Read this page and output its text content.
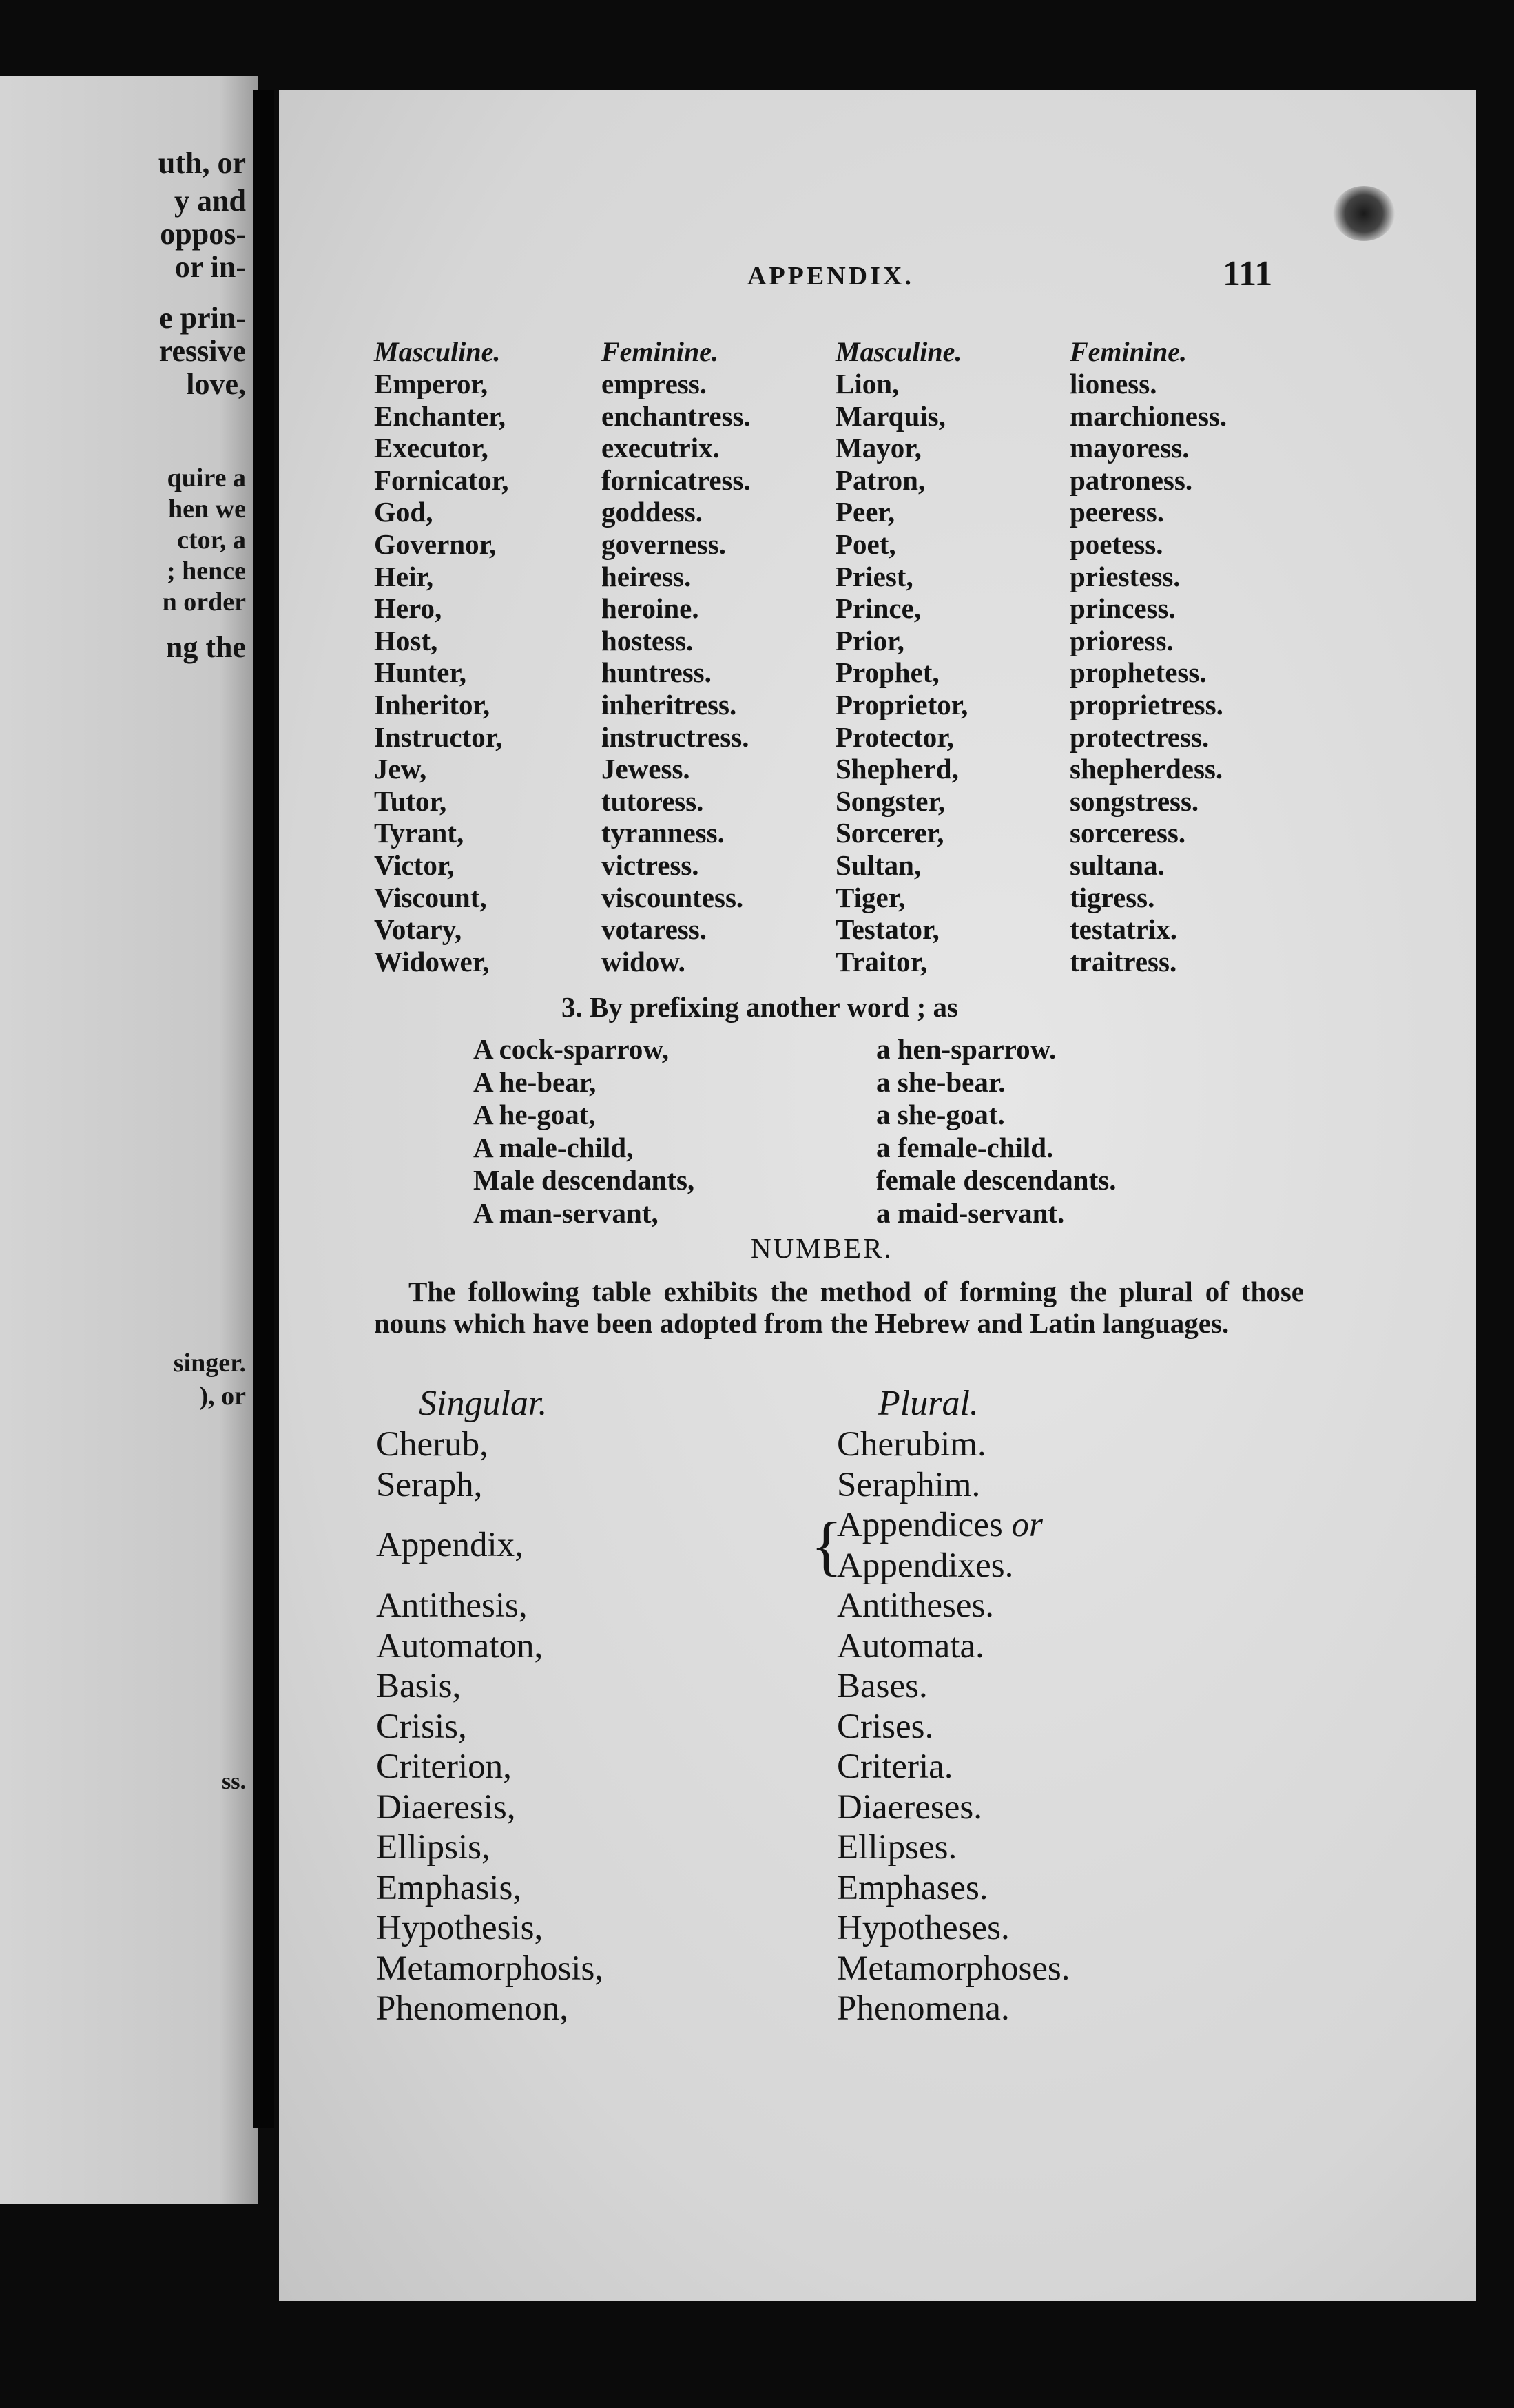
uth, or
y and
oppos-
or in-
e prin-
ressive
love,
quire a
hen we
ctor, a
; hence
n order
ng the
singer.
), or
ss.
APPENDIX.	111
Masculine.
Emperor,
Enchanter,
Executor,
Fornicator,
God,
Governor,
Heir,
Hero,
Host,
Hunter,
Inheritor,
Instructor,
Jew,
Tutor,
Tyrant,
Victor,
Viscount,
Votary,
Widower,
Feminine.
empress.
enchantress.
executrix.
fornicatress.
goddess.
governess.
heiress.
heroine.
hostess.
huntress.
inheritress.
instructress.
Jewess.
tutoress.
tyranness.
victress.
viscountess.
votaress.
widow.
Masculine.
Lion,
Marquis,
Mayor,
Patron,
Peer,
Poet,
Priest,
Prince,
Prior,
Prophet,
Proprietor,
Protector,
Shepherd,
Songster,
Sorcerer,
Sultan,
Tiger,
Testator,
Traitor,
Feminine.
lioness.
marchioness.
mayoress.
patroness.
peeress.
poetess.
priestess.
princess.
prioress.
prophetess.
proprietress.
protectress.
shepherdess.
songstress.
sorceress.
sultana.
tigress.
testatrix.
traitress.
3. By prefixing another word ; as
A cock-sparrow,
A he-bear,
A he-goat,
A male-child,
Male descendants,
A man-servant,
a hen-sparrow.
a she-bear.
a she-goat.
a female-child.
female descendants.
a maid-servant.
NUMBER.
The following table exhibits the method of forming the plural of those nouns which have been adopted from the Hebrew and Latin languages.
Singular.	Plural.
Cherub,
Seraph,
Appendix,
Antithesis,
Automaton,
Basis,
Crisis,
Criterion,
Diaeresis,
Ellipsis,
Emphasis,
Hypothesis,
Metamorphosis,
Phenomenon,
Cherubim.
Seraphim.
{
Appendices or
Appendixes.
Antitheses.
Automata.
Bases.
Crises.
Criteria.
Diaereses.
Ellipses.
Emphases.
Hypotheses.
Metamorphoses.
Phenomena.
